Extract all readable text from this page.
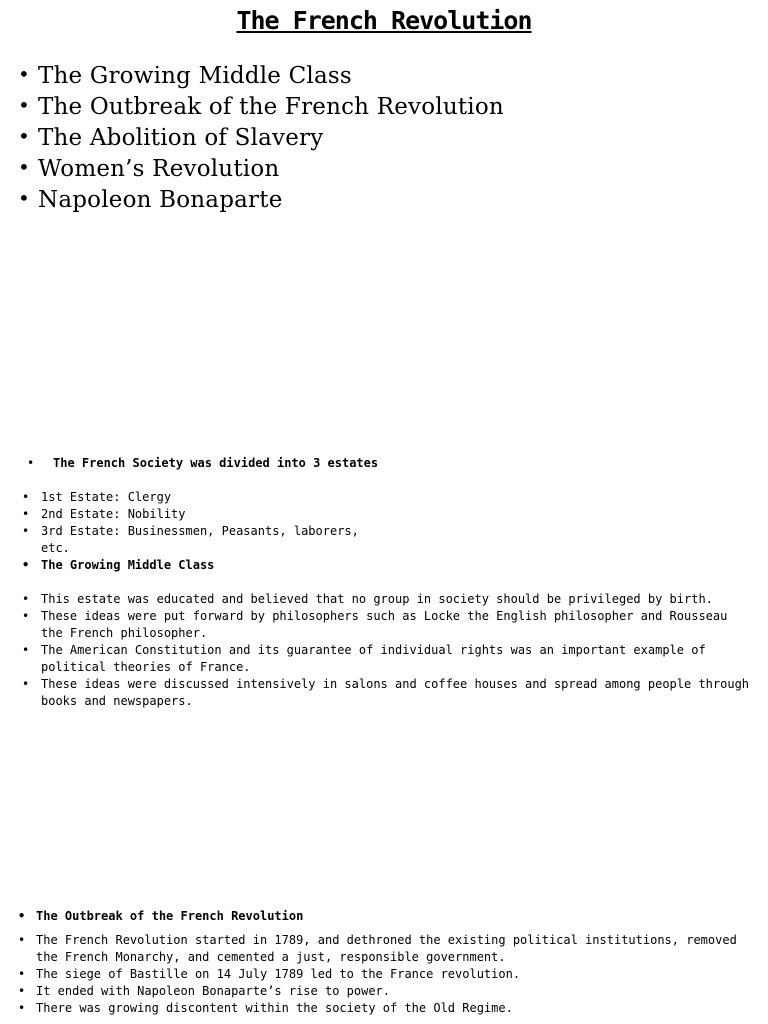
The French Revolution
• The Growing Middle Class
• The Outbreak of the French Revolution
• The Abolition of Slavery
• Women’s Revolution
• Napoleon Bonaparte
•	The French Society was divided into 3 estates
• 1st Estate: Clergy
• 2nd Estate: Nobility
• 3rd Estate: Businessmen, Peasants, laborers,
etc.
• The Growing Middle Class
• This estate was educated and believed that no group in society should be privileged by birth.
• These ideas were put forward by philosophers such as Locke the English philosopher and Rousseau the French philosopher.
• The American Constitution and its guarantee of individual rights was an important example of political theories of France.
• These ideas were discussed intensively in salons and coffee houses and spread among people through books and newspapers.
• The Outbreak of the French Revolution
• The French Revolution started in 1789, and dethroned the existing political institutions, removed the French Monarchy, and cemented a just, responsible government.
• The siege of Bastille on 14 July 1789 led to the France revolution.
• It ended with Napoleon Bonaparte’s rise to power.
• There was growing discontent within the society of the Old Regime.
